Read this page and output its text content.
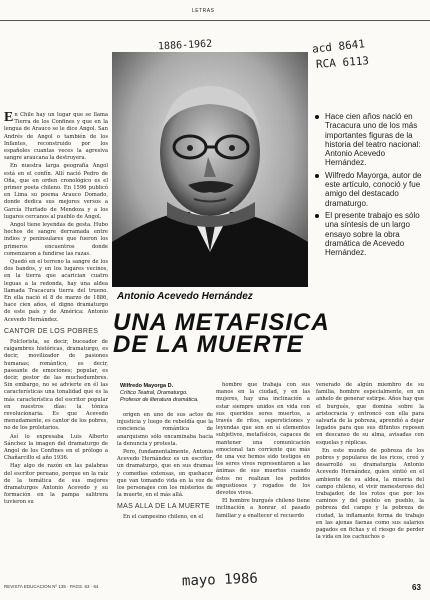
LETRAS
1886-1962	acd 8641
RCA 6113
Antonio Acevedo Hernández
UNA METAFISICA
DE LA MUERTE
Hace cien años nació en Tracacura uno de los más importantes figuras de la historia del teatro nacional: Antonio Acevedo Hernández.
Wilfredo Mayorga, autor de este artículo, conoció y fue amigo del destacado dramaturgo.
El presente trabajo es sólo una síntesis de un largo ensayo sobre la obra dramática de Acevedo Hernández.

En Chile hay un lugar que se llama Tierra de los Confines y que en la lengua de Arauco se le dice Angol. San Andrés de Angol o también de los Infantes, reconstruido por los españoles cuantas veces la agresiva sangre araucana la destruyera.

En nuestra larga geografía Angol está en el confín. Allí nació Pedro de Oña, que en orden cronológico es el primer poeta chileno. En 1596 publicó en Lima su poema Arauco Domado, donde dedica sus mejores versos a García Hurtado de Mendoza y a los lugares cercanos al pueblo de Angol.

Angol tiene leyendas de gesta. Hubo hechos de sangre derramada entre indios y peninsulares que fueron los primeros encuentros donde comenzaron a fundirse las razas.

Quedó en el terreno la sangre de los dos bandos, y en los lugares vecinos, en la tierra que acarician cuatro leguas a la redonda, hay una aldea llamada Tracacura tierra del trueno. En ella nació el 8 de marzo de 1886, hace cien años, el digno dramaturgo de este país y de América: Antonio Acevedo Hernández.

CANTOR DE LOS POBRES

Folclorista, se decir, buceador de raigambres históricas, dramaturgo, es decir, movilizador de pasiones humanas; romántico, es decir, paseante de emociones; popular, es decir, gestor de las muchedumbres. Sin embargo, no se advierte en él las características una tonalidad que es la más característica del escritor popular en nuestros días: la tónica revolucionaria. Es que Acevedo menudamente, es cantor de los pobres, no de los proletarios.

Así lo expresaba Luis Alberto Sánchez la imagen del dramaturgo de Angol de los Confines en el prólogo a Chañarcillo el año 1936.

Hay algo de razón en las palabras del escritor peruano, porque en la raíz de la temática de sus mejores dramaturgos Antonio Acevedo y su formación en la pampa salitrera tuvieron su

Wilfredo Mayorga D.
Crítico Teatral, Dramaturgo.
Profesor de literatura dramática.

origen en uno de sus actos de injusticia y luego de rebeldía que la conciencia romántica de anarquismo sólo encaminaba hacia la denuncia y protesta.

Pero, fundamentalmente, Antonio Acevedo Hernández es un escritor, un dramaturgo, que en sus dramas y comedias extensas, un quehacer que van tomando vida en la voz de los personajes con los misterios de la muerte, en el más allá.

MAS ALLA DE LA MUERTE

En el campesino chileno, en el

hombre que trabaja con sus manos en la ciudad, y en las mujeres, hay una inclinación a estar siempre unidos en vida con sus queridos seres muertos, a través de ritos, supersticiones y leyendas que son en sí elementos subjetivos, metafísicos, capaces de mantener una comunicación emocional tan corriente que más de una vez hemos sido testigos en los seres vivos representaron a las ánimas de sus muertos cuando éstos no realizan los pedidos angustiosos y rogados de los devotos vivos.

El hombre burgués chileno tiene inclinación a honrar el pasado familiar y a enaltecer el recuerdo

venerado de algún miembro de su familia, hombre especialmente, en un anhelo de generar estirpe. Años hay que el burgués, que domina sobre la aristocracia y entroncó con ella para salvarla de la pobreza, aprendió a dejar legados para que sus difuntos reposen en descanso de su alma, avisadas con esquelas y réplicas.

En este mundo de pobreza de los pobres y populares de los ricos, creó y desarrolló su dramaturgia Antonio Acevedo Hernández, quien sintió en el ambiente de su aldea, la miseria del campo chileno, el vivir menesteroso del trabajador, de los rotos que por los caminos y del pueblo en pueblo, la pobreza del campo y la pobreza de ciudad, la inflamante forma de trabajo en las ajenas faenas como sus salarios pagados en fichas y el riesgo de perder la vida en los cachuchos o

mayo 1986
REVISTA EDUCACION Nº 135 · PAGS. 63 · 64	63
